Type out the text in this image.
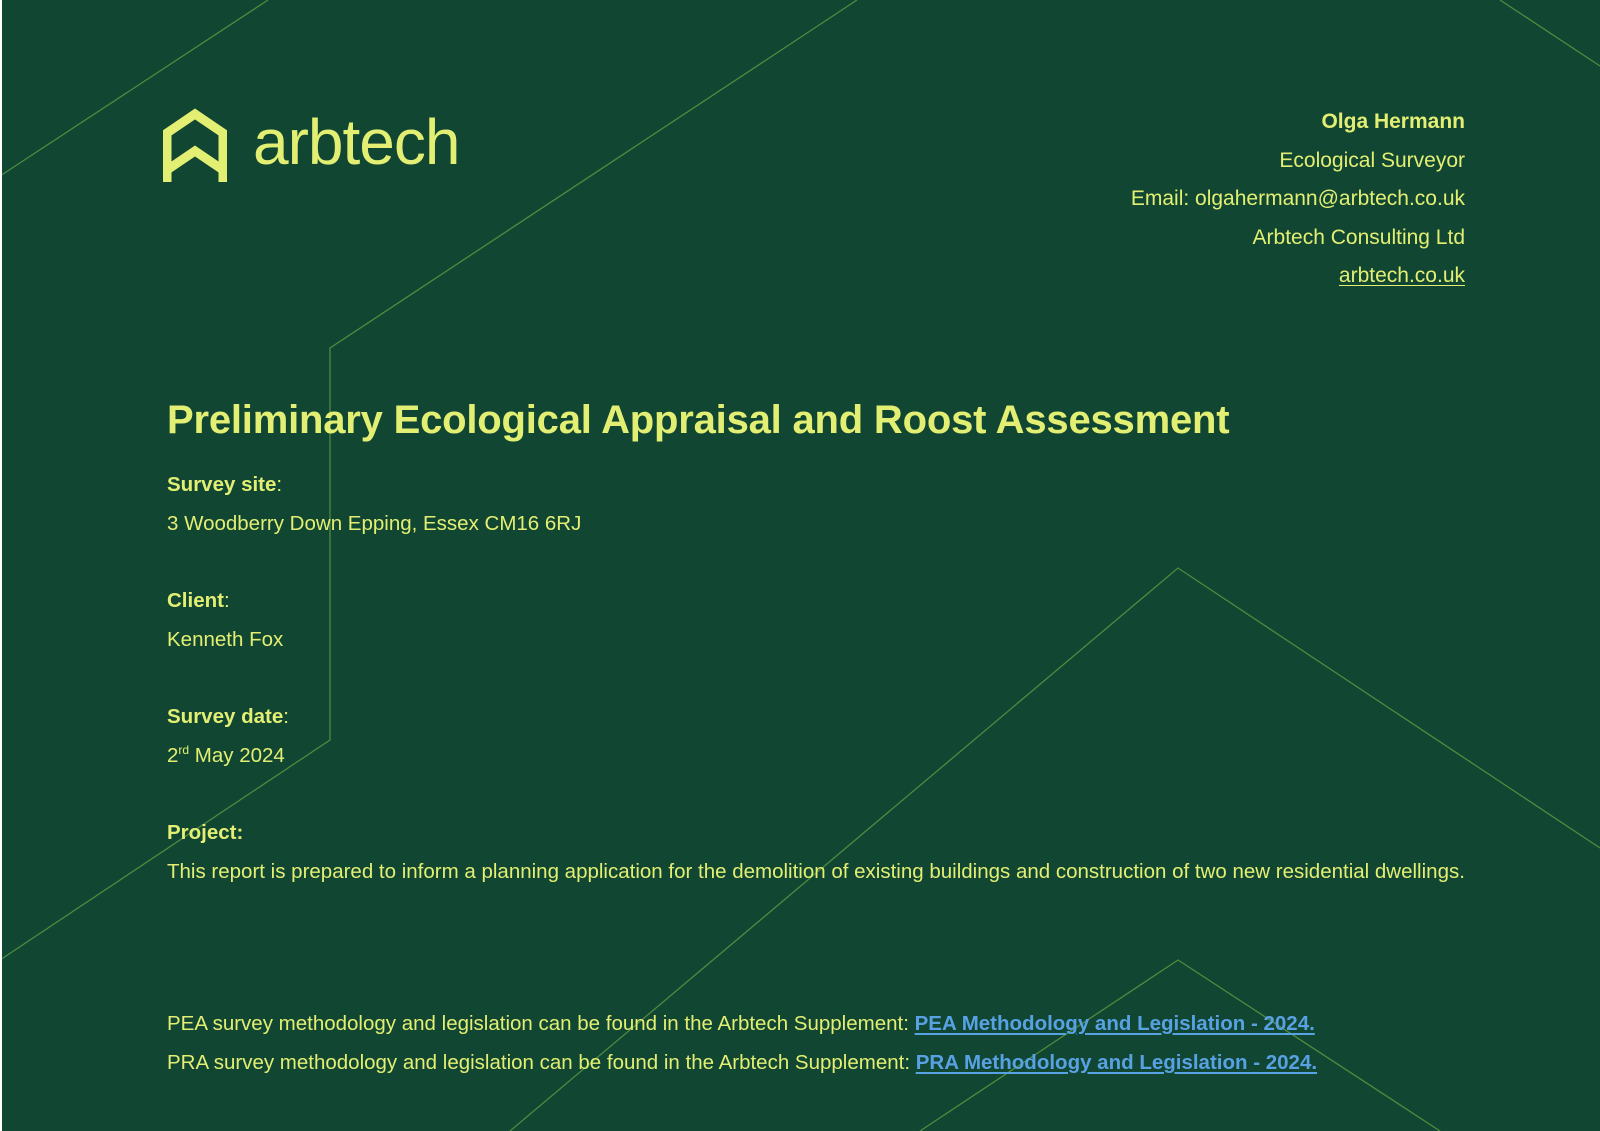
arbtech	Olga Hermann
Ecological Surveyor
Email: olgahermann@arbtech.co.uk
Arbtech Consulting Ltd
arbtech.co.uk
Preliminary Ecological Appraisal and Roost Assessment
Survey site:
3 Woodberry Down Epping, Essex CM16 6RJ
Client:
Kenneth Fox
Survey date:
2rd May 2024
Project:
This report is prepared to inform a planning application for the demolition of existing buildings and construction of two new residential dwellings.
PEA survey methodology and legislation can be found in the Arbtech Supplement: PEA Methodology and Legislation - 2024.
PRA survey methodology and legislation can be found in the Arbtech Supplement: PRA Methodology and Legislation - 2024.
